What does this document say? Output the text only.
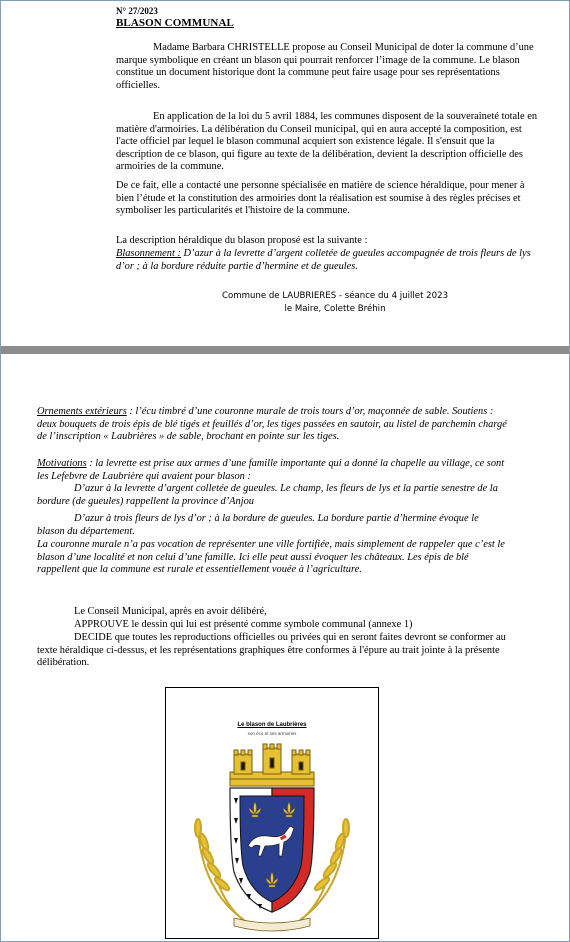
N° 27/2023
BLASON COMMUNAL

Madame Barbara CHRISTELLE propose au Conseil Municipal de doter la commune d’une marque symbolique en créant un blason qui pourrait renforcer l’image de la commune. Le blason constitue un document historique dont la commune peut faire usage pour ses représentations officielles.

En application de la loi du 5 avril 1884, les communes disposent de la souveraineté totale en matière d'armoiries. La délibération du Conseil municipal, qui en aura accepté la composition, est l'acte officiel par lequel le blason communal acquiert son existence légale. Il s'ensuit que la description de ce blason, qui figure au texte de la délibération, devient la description officielle des armoiries de la commune.

De ce fait, elle a contacté une personne spécialisée en matière de science héraldique, pour mener à bien l’étude et la constitution des armoiries dont la réalisation est soumise à des règles précises et symboliser les particularités et l'histoire de la commune.

La description héraldique du blason proposé est la suivante :

Blasonnement : D’azur à la levrette d’argent colletée de gueules accompagnée de trois fleurs de lys d’or ; à la bordure réduite partie d’hermine et de gueules.

Commune de LAUBRIERES - séance du 4 juillet 2023
le Maire, Colette Bréhin

Ornements extérieurs : l’écu timbré d’une couronne murale de trois tours d’or, maçonnée de sable. Soutiens : deux bouquets de trois épis de blé tigés et feuillés d’or, les tiges passées en sautoir, au listel de parchemin chargé de l’inscription « Laubrières » de sable, brochant en pointe sur les tiges.

Motivations : la levrette est prise aux armes d’une famille importante qui a donné la chapelle au village, ce sont les Lefebvre de Laubrière qui avaient pour blason :

D’azur à la levrette d’argent colletée de gueules. Le champ, les fleurs de lys et la partie senestre de la bordure (de gueules) rappellent la province d’Anjou

D’azur à trois fleurs de lys d’or ; à la bordure de gueules. La bordure partie d’hermine évoque le blason du département.

La couronne murale n’a pas vocation de représenter une ville fortifiée, mais simplement de rappeler que c’est le blason d’une localité et non celui d’une famille. Ici elle peut aussi évoquer les châteaux. Les épis de blé rappellent que la commune est rurale et essentiellement vouée à l’agriculture.

Le Conseil Municipal, après en avoir délibéré,

APPROUVE le dessin qui lui est présenté comme symbole communal (annexe 1)

DECIDE que toutes les reproductions officielles ou privées qui en seront faites devront se conformer au texte héraldique ci-dessus, et les représentations graphiques être conformes à l'épure au trait jointe à la présente délibération.

Le blason de Laubrières
son écu et ses armoiries
